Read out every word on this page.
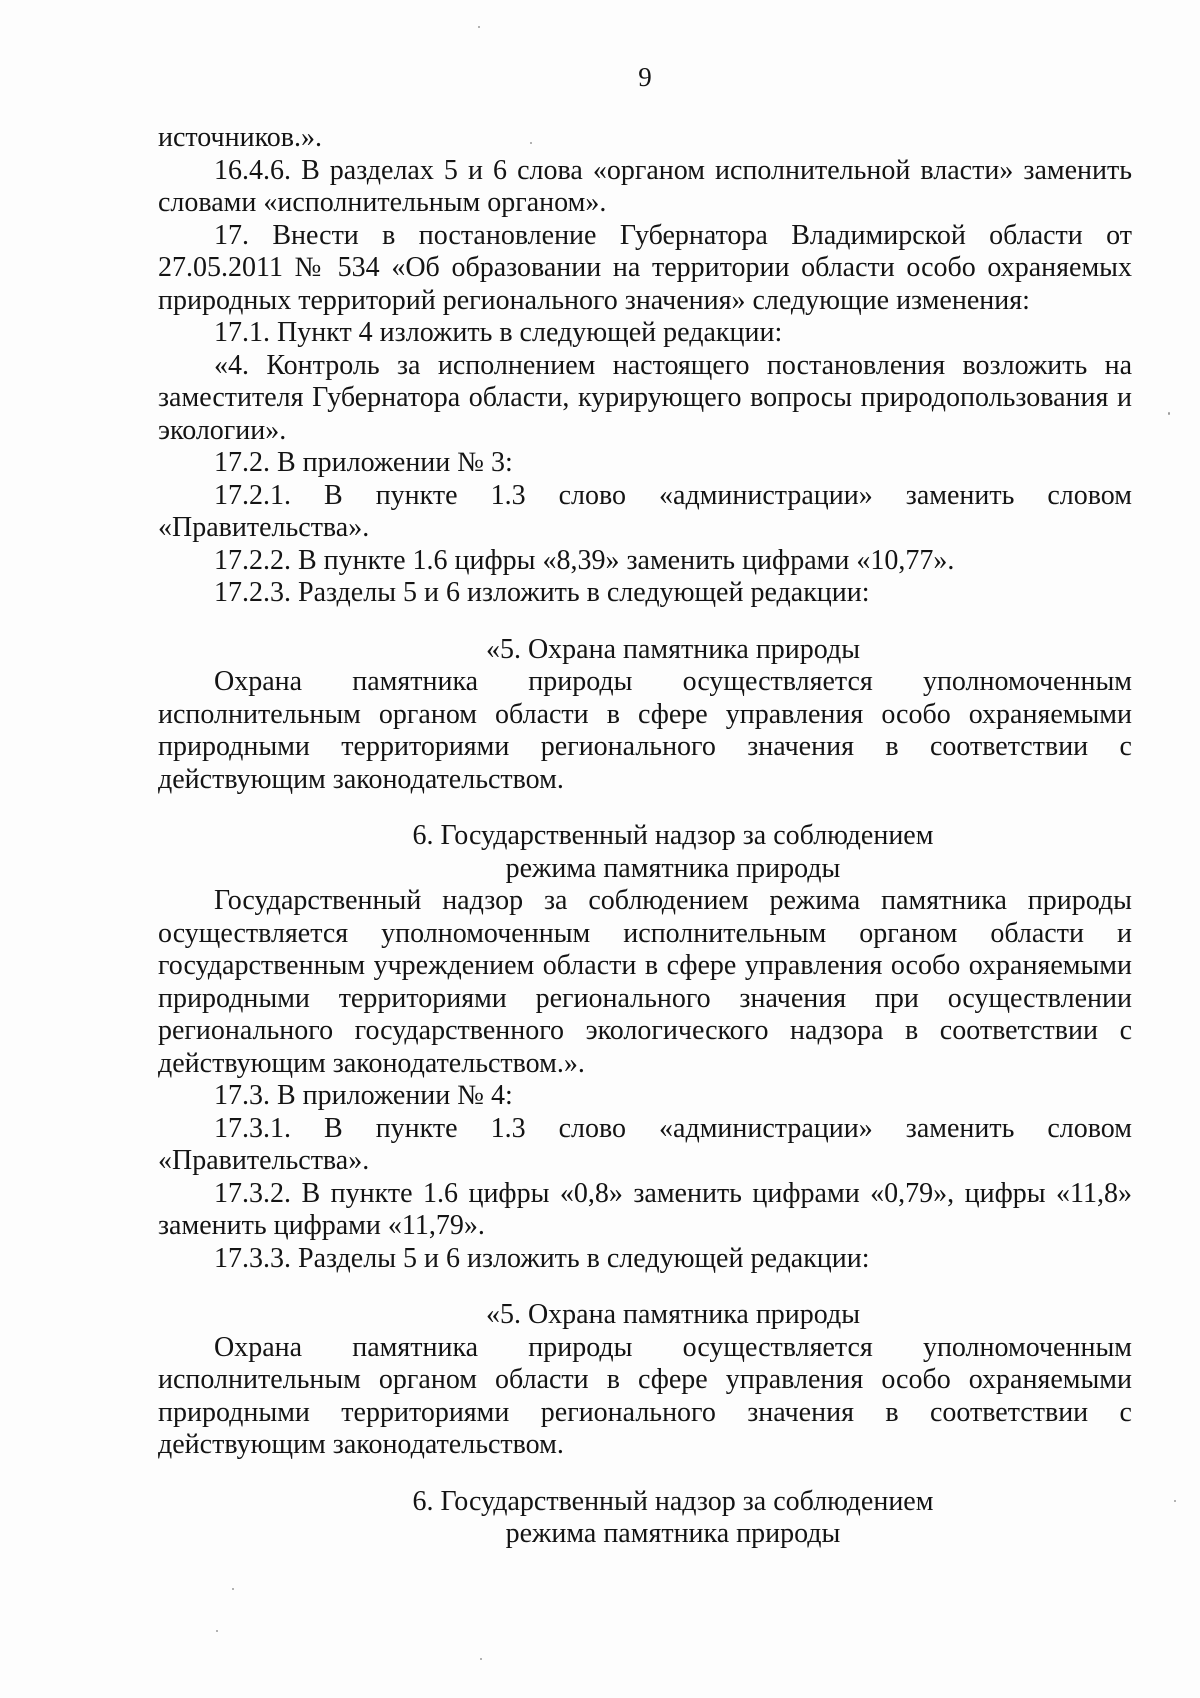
9

источников.».

16.4.6. В разделах 5 и 6 слова «органом исполнительной власти» заменить словами «исполнительным органом».

17. Внести в постановление Губернатора Владимирской области от 27.05.2011 № 534 «Об образовании на территории области особо охраняемых природных территорий регионального значения» следующие изменения:

17.1. Пункт 4 изложить в следующей редакции:

«4. Контроль за исполнением настоящего постановления возложить на заместителя Губернатора области, курирующего вопросы природопользования и экологии».

17.2. В приложении № 3:

17.2.1. В пункте 1.3 слово «администрации» заменить словом «Правительства».

17.2.2. В пункте 1.6 цифры «8,39» заменить цифрами «10,77».

17.2.3. Разделы 5 и 6 изложить в следующей редакции:

«5. Охрана памятника природы

Охрана памятника природы осуществляется уполномоченным исполнительным органом области в сфере управления особо охраняемыми природными территориями регионального значения в соответствии с действующим законодательством.

6. Государственный надзор за соблюдением

режима памятника природы

Государственный надзор за соблюдением режима памятника природы осуществляется уполномоченным исполнительным органом области и государственным учреждением области в сфере управления особо охраняемыми природными территориями регионального значения при осуществлении регионального государственного экологического надзора в соответствии с действующим законодательством.».

17.3. В приложении № 4:

17.3.1. В пункте 1.3 слово «администрации» заменить словом «Правительства».

17.3.2. В пункте 1.6 цифры «0,8» заменить цифрами «0,79», цифры «11,8» заменить цифрами «11,79».

17.3.3. Разделы 5 и 6 изложить в следующей редакции:

«5. Охрана памятника природы

Охрана памятника природы осуществляется уполномоченным исполнительным органом области в сфере управления особо охраняемыми природными территориями регионального значения в соответствии с действующим законодательством.

6. Государственный надзор за соблюдением

режима памятника природы
